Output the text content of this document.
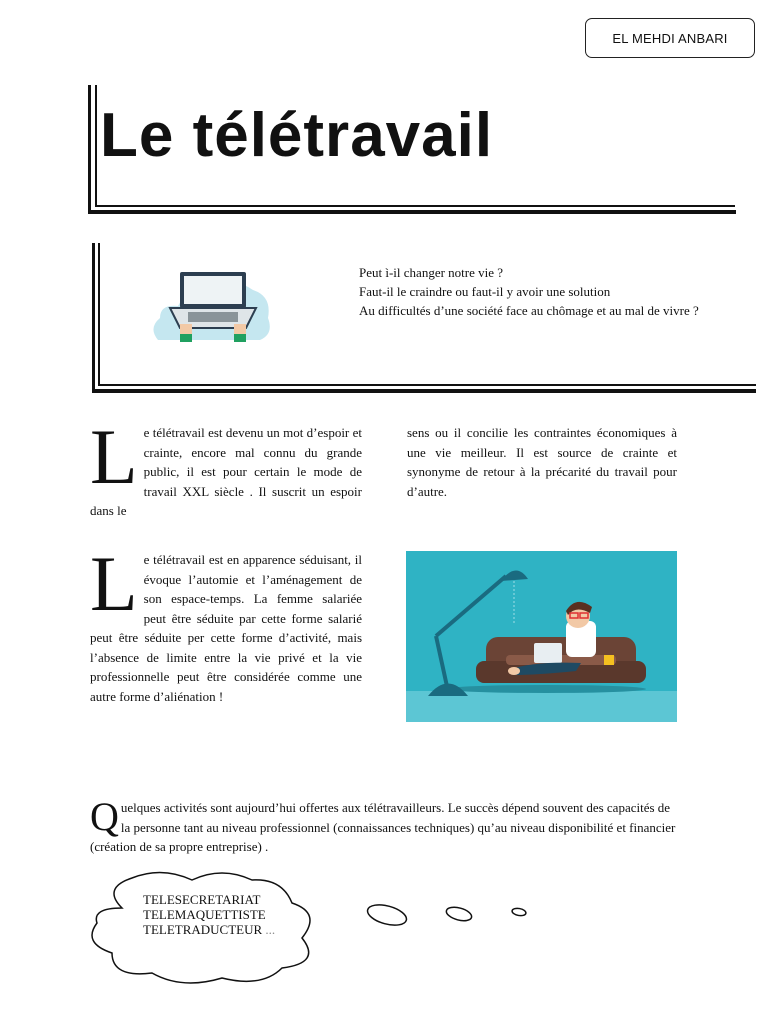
EL MEHDI ANBARI
Le télétravail
Peut ì-il changer notre vie ?
Faut-il le craindre ou faut-il y avoir une solution
Au difficultés d’une société face au chômage et au mal de vivre ?
L e télétravail est devenu un mot d’espoir et crainte, encore mal connu du grande public, il est pour certain le mode de travail XXL siècle . Il suscrit un espoir dans le
sens ou il concilie les contraintes économiques à une vie meilleur. Il est source de crainte et synonyme de retour à la précarité du travail pour d’autre.
L e télétravail est en apparence séduisant, il évoque l’automie et l’aménagement de son espace-temps. La femme salariée peut être séduite par cette forme salarié peut être séduite per cette forme d’activité, mais l’absence de limite entre la vie privé et la vie professionnelle peut être considérée comme une autre forme d’aliénation !
Q uelques activités sont aujourd’hui offertes aux télétravailleurs. Le succès dépend souvent des capacités de la personne tant au niveau professionnel (connaissances techniques) qu’au niveau disponibilité et financier (création de sa propre entreprise) .
TELESECRETARIAT
TELEMAQUETTISTE
TELETRADUCTEUR ...
